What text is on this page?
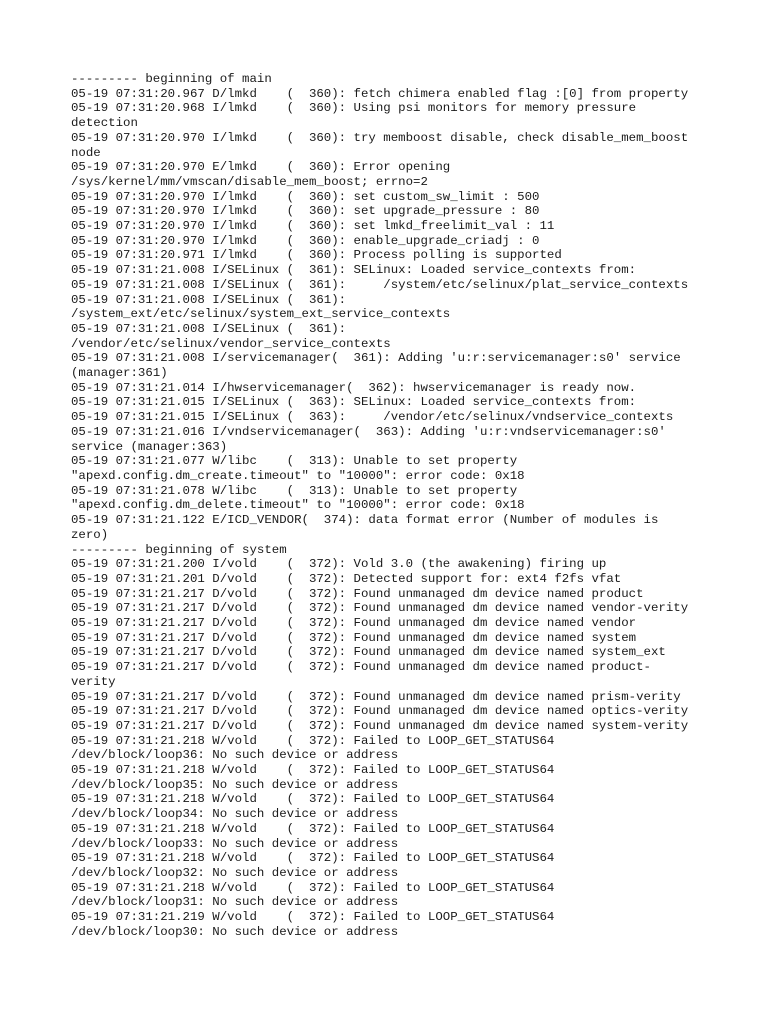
--------- beginning of main
05-19 07:31:20.967 D/lmkd    (  360): fetch chimera enabled flag :[0] from property
05-19 07:31:20.968 I/lmkd    (  360): Using psi monitors for memory pressure
detection
05-19 07:31:20.970 I/lmkd    (  360): try memboost disable, check disable_mem_boost
node
05-19 07:31:20.970 E/lmkd    (  360): Error opening
/sys/kernel/mm/vmscan/disable_mem_boost; errno=2
05-19 07:31:20.970 I/lmkd    (  360): set custom_sw_limit : 500
05-19 07:31:20.970 I/lmkd    (  360): set upgrade_pressure : 80
05-19 07:31:20.970 I/lmkd    (  360): set lmkd_freelimit_val : 11
05-19 07:31:20.970 I/lmkd    (  360): enable_upgrade_criadj : 0
05-19 07:31:20.971 I/lmkd    (  360): Process polling is supported
05-19 07:31:21.008 I/SELinux (  361): SELinux: Loaded service_contexts from:
05-19 07:31:21.008 I/SELinux (  361):     /system/etc/selinux/plat_service_contexts
05-19 07:31:21.008 I/SELinux (  361):
/system_ext/etc/selinux/system_ext_service_contexts
05-19 07:31:21.008 I/SELinux (  361):
/vendor/etc/selinux/vendor_service_contexts
05-19 07:31:21.008 I/servicemanager(  361): Adding 'u:r:servicemanager:s0' service
(manager:361)
05-19 07:31:21.014 I/hwservicemanager(  362): hwservicemanager is ready now.
05-19 07:31:21.015 I/SELinux (  363): SELinux: Loaded service_contexts from:
05-19 07:31:21.015 I/SELinux (  363):     /vendor/etc/selinux/vndservice_contexts
05-19 07:31:21.016 I/vndservicemanager(  363): Adding 'u:r:vndservicemanager:s0'
service (manager:363)
05-19 07:31:21.077 W/libc    (  313): Unable to set property
"apexd.config.dm_create.timeout" to "10000": error code: 0x18
05-19 07:31:21.078 W/libc    (  313): Unable to set property
"apexd.config.dm_delete.timeout" to "10000": error code: 0x18
05-19 07:31:21.122 E/ICD_VENDOR(  374): data format error (Number of modules is
zero)
--------- beginning of system
05-19 07:31:21.200 I/vold    (  372): Vold 3.0 (the awakening) firing up
05-19 07:31:21.201 D/vold    (  372): Detected support for: ext4 f2fs vfat
05-19 07:31:21.217 D/vold    (  372): Found unmanaged dm device named product
05-19 07:31:21.217 D/vold    (  372): Found unmanaged dm device named vendor-verity
05-19 07:31:21.217 D/vold    (  372): Found unmanaged dm device named vendor
05-19 07:31:21.217 D/vold    (  372): Found unmanaged dm device named system
05-19 07:31:21.217 D/vold    (  372): Found unmanaged dm device named system_ext
05-19 07:31:21.217 D/vold    (  372): Found unmanaged dm device named product-
verity
05-19 07:31:21.217 D/vold    (  372): Found unmanaged dm device named prism-verity
05-19 07:31:21.217 D/vold    (  372): Found unmanaged dm device named optics-verity
05-19 07:31:21.217 D/vold    (  372): Found unmanaged dm device named system-verity
05-19 07:31:21.218 W/vold    (  372): Failed to LOOP_GET_STATUS64
/dev/block/loop36: No such device or address
05-19 07:31:21.218 W/vold    (  372): Failed to LOOP_GET_STATUS64
/dev/block/loop35: No such device or address
05-19 07:31:21.218 W/vold    (  372): Failed to LOOP_GET_STATUS64
/dev/block/loop34: No such device or address
05-19 07:31:21.218 W/vold    (  372): Failed to LOOP_GET_STATUS64
/dev/block/loop33: No such device or address
05-19 07:31:21.218 W/vold    (  372): Failed to LOOP_GET_STATUS64
/dev/block/loop32: No such device or address
05-19 07:31:21.218 W/vold    (  372): Failed to LOOP_GET_STATUS64
/dev/block/loop31: No such device or address
05-19 07:31:21.219 W/vold    (  372): Failed to LOOP_GET_STATUS64
/dev/block/loop30: No such device or address
